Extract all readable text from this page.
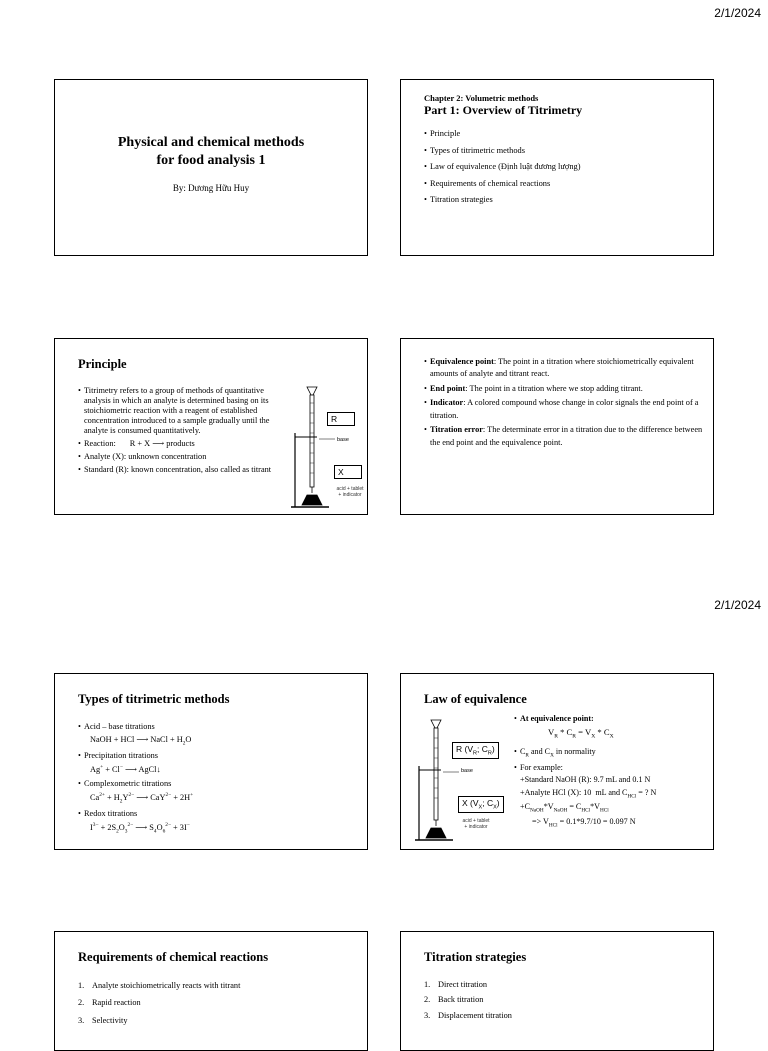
2/1/2024
Physical and chemical methods
for food analysis 1
By: Dương Hữu Huy
Chapter 2: Volumetric methods
Part 1: Overview of Titrimetry
• Principle
• Types of titrimetric methods
• Law of equivalence (Định luật đương lượng)
• Requirements of chemical reactions
• Titration strategies
Principle
• Titrimetry refers to a group of methods of quantitative analysis in which an analyte is determined basing on its stoichiometric reaction with a reagent of established concentration introduced to a sample gradually until the analyte is consumed quantitatively.
• Reaction: R + X ⟶ products
• Analyte (X): unknown concentration
• Standard (R): known concentration, also called as titrant
R
base
X
acid + tablet
+ indicator
• Equivalence point: The point in a titration where stoichiometrically equivalent amounts of analyte and titrant react.
• End point: The point in a titration where we stop adding titrant.
• Indicator: A colored compound whose change in color signals the end point of a titration.
• Titration error: The determinate error in a titration due to the difference between the end point and the equivalence point.
2/1/2024
Types of titrimetric methods
• Acid – base titrations
NaOH + HCl ⟶ NaCl + $H_2O$
• Precipitation titrations
Ag+ + Cl− ⟶ AgCl↓
• Complexometric titrations
$Ca^{2+} + H_2Y^{2-}$ ⟶ CaY$^{2-}$ + 2H+
• Redox titrations
$I^{3-} + 2S_2O_3^{2-}$ ⟶ $S_4O_6^{2-} + 3I^-$
Law of equivalence
R ($V_R$; $C_R$)
base
X ($V_X$; $C_X$)
acid + tablet
+ indicator
• At equivalence point:
$V_R * C_R = V_X * C_X$
• $C_R$ and $C_X$ in normality
• For example:
+Standard NaOH (R): 9.7 mL and 0.1 N
+Analyte HCl (X): 10  mL and $C_{HCl}$ = ? N
$+C_{NaOH}*V_{NaOH} = C_{HCl}*V_{HCl}$
=> $V_{HCl} = 0.1*9.7/10 = 0.097$ N
Requirements of chemical reactions
1. Analyte stoichiometrically reacts with titrant
2. Rapid reaction
3. Selectivity
Titration strategies
1. Direct titration
2. Back titration
3. Displacement titration
